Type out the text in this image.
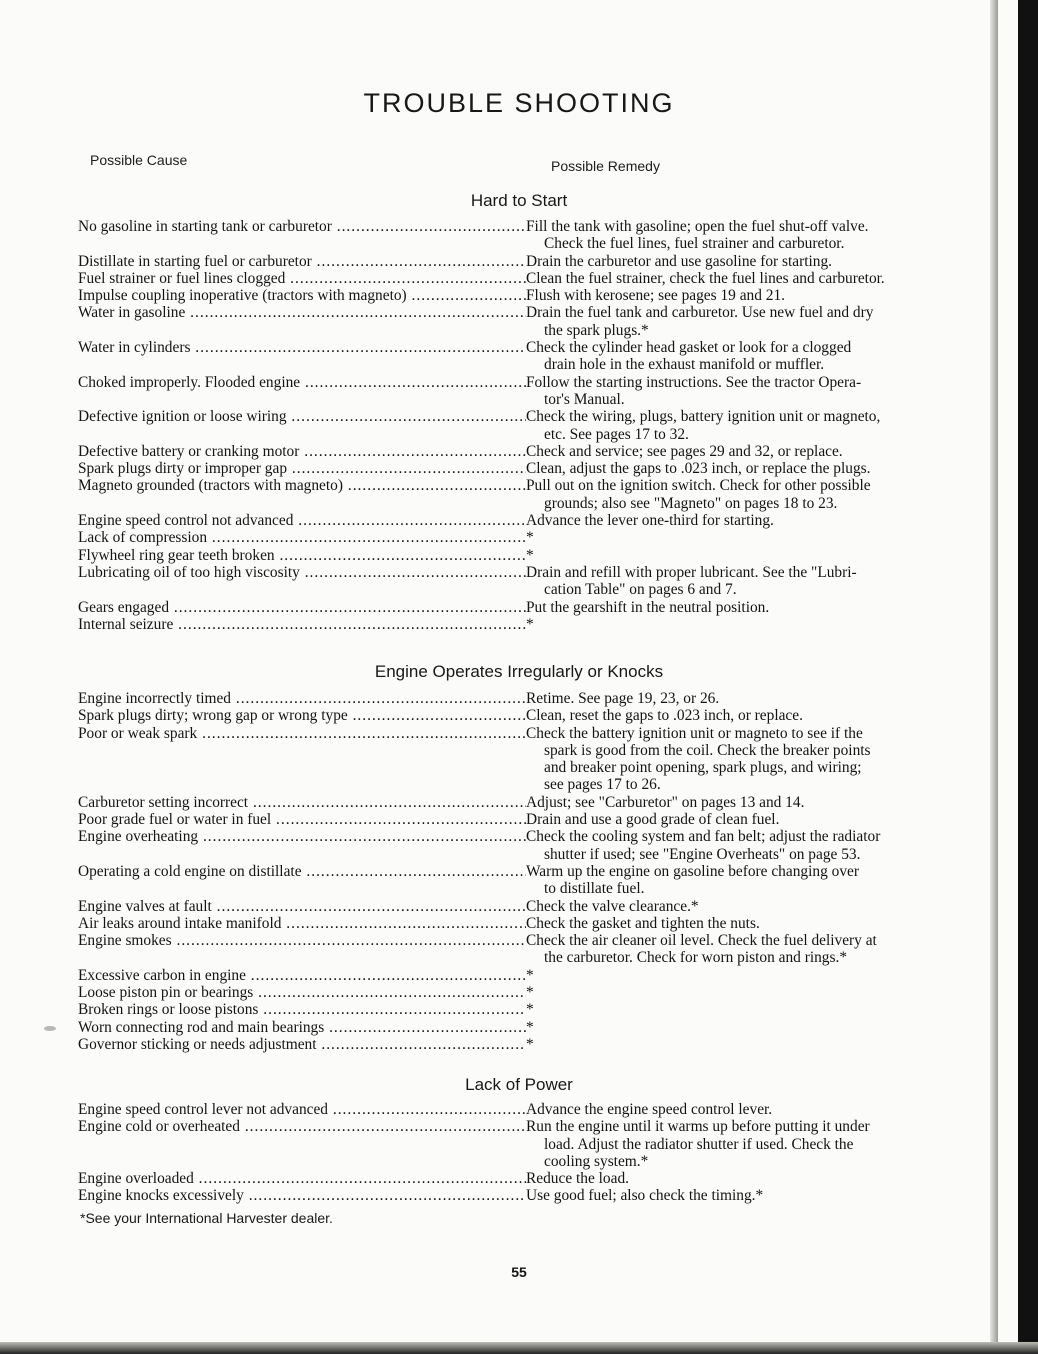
TROUBLE SHOOTING
Possible Cause	Possible Remedy
Hard to Start
No gasoline in starting tank or carburetor .....	Fill the tank with gasoline; open the fuel shut-off valve.
Check the fuel lines, fuel strainer and carburetor.
Distillate in starting fuel or carburetor .....	Drain the carburetor and use gasoline for starting.
Fuel strainer or fuel lines clogged .....	Clean the fuel strainer, check the fuel lines and carburetor.
Impulse coupling inoperative (tractors with magneto) .....	Flush with kerosene; see pages 19 and 21.
Water in gasoline .....	Drain the fuel tank and carburetor. Use new fuel and dry
the spark plugs.*
Water in cylinders .....	Check the cylinder head gasket or look for a clogged
drain hole in the exhaust manifold or muffler.
Choked improperly. Flooded engine .....	Follow the starting instructions. See the tractor Opera-
tor's Manual.
Defective ignition or loose wiring .....	Check the wiring, plugs, battery ignition unit or magneto,
etc. See pages 17 to 32.
Defective battery or cranking motor .....	Check and service; see pages 29 and 32, or replace.
Spark plugs dirty or improper gap .....	Clean, adjust the gaps to .023 inch, or replace the plugs.
Magneto grounded (tractors with magneto) .....	Pull out on the ignition switch. Check for other possible
grounds; also see "Magneto" on pages 18 to 23.
Engine speed control not advanced .....	Advance the lever one-third for starting.
Lack of compression .....	*
Flywheel ring gear teeth broken .....	*
Lubricating oil of too high viscosity .....	Drain and refill with proper lubricant. See the "Lubri-
cation Table" on pages 6 and 7.
Gears engaged .....	Put the gearshift in the neutral position.
Internal seizure .....	*
Engine Operates Irregularly or Knocks
Engine incorrectly timed .....	Retime. See page 19, 23, or 26.
Spark plugs dirty; wrong gap or wrong type .....	Clean, reset the gaps to .023 inch, or replace.
Poor or weak spark .....	Check the battery ignition unit or magneto to see if the
spark is good from the coil. Check the breaker points
and breaker point opening, spark plugs, and wiring;
see pages 17 to 26.
Carburetor setting incorrect .....	Adjust; see "Carburetor" on pages 13 and 14.
Poor grade fuel or water in fuel .....	Drain and use a good grade of clean fuel.
Engine overheating .....	Check the cooling system and fan belt; adjust the radiator
shutter if used; see "Engine Overheats" on page 53.
Operating a cold engine on distillate .....	Warm up the engine on gasoline before changing over
to distillate fuel.
Engine valves at fault .....	Check the valve clearance.*
Air leaks around intake manifold .....	Check the gasket and tighten the nuts.
Engine smokes .....	Check the air cleaner oil level. Check the fuel delivery at
the carburetor. Check for worn piston and rings.*
Excessive carbon in engine .....	*
Loose piston pin or bearings .....	*
Broken rings or loose pistons .....	*
Worn connecting rod and main bearings .....	*
Governor sticking or needs adjustment .....	*
Lack of Power
Engine speed control lever not advanced .....	Advance the engine speed control lever.
Engine cold or overheated .....	Run the engine until it warms up before putting it under
load. Adjust the radiator shutter if used. Check the
cooling system.*
Engine overloaded .....	Reduce the load.
Engine knocks excessively .....	Use good fuel; also check the timing.*
*See your International Harvester dealer.
55
